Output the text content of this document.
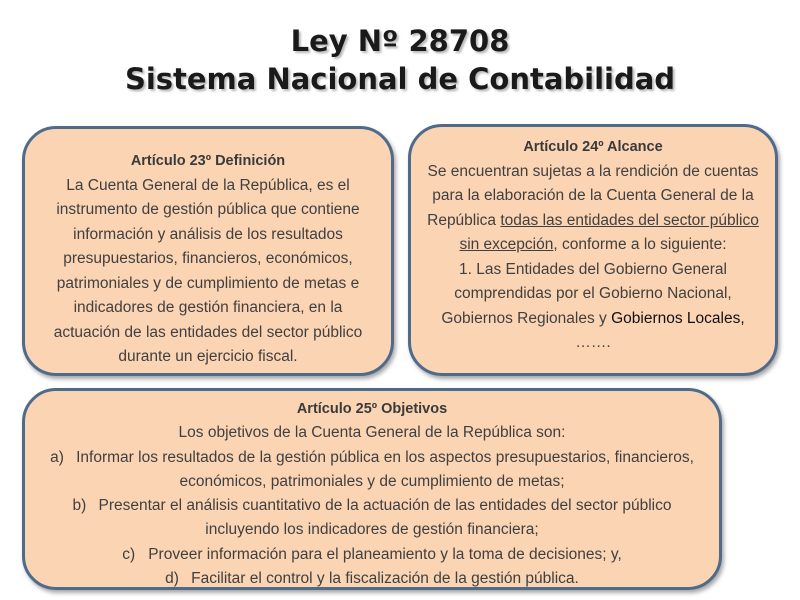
Ley Nº 28708
Sistema Nacional de Contabilidad
Artículo 23º Definición
La Cuenta General de la República, es el instrumento de gestión pública que contiene información y análisis de los resultados presupuestarios, financieros, económicos, patrimoniales y de cumplimiento de metas e indicadores de gestión financiera, en la actuación de las entidades del sector público durante un ejercicio fiscal.
Artículo 24º Alcance
Se encuentran sujetas a la rendición de cuentas para la elaboración de la Cuenta General de la República todas las entidades del sector público sin excepción, conforme a lo siguiente:
1. Las Entidades del Gobierno General comprendidas por el Gobierno Nacional, Gobiernos Regionales y Gobiernos Locales,
…….
Artículo 25º Objetivos
Los objetivos de la Cuenta General de la República son:
a) Informar los resultados de la gestión pública en los aspectos presupuestarios, financieros, económicos, patrimoniales y de cumplimiento de metas;
b) Presentar el análisis cuantitativo de la actuación de las entidades del sector público incluyendo los indicadores de gestión financiera;
c) Proveer información para el planeamiento y la toma de decisiones; y,
d) Facilitar el control y la fiscalización de la gestión pública.
